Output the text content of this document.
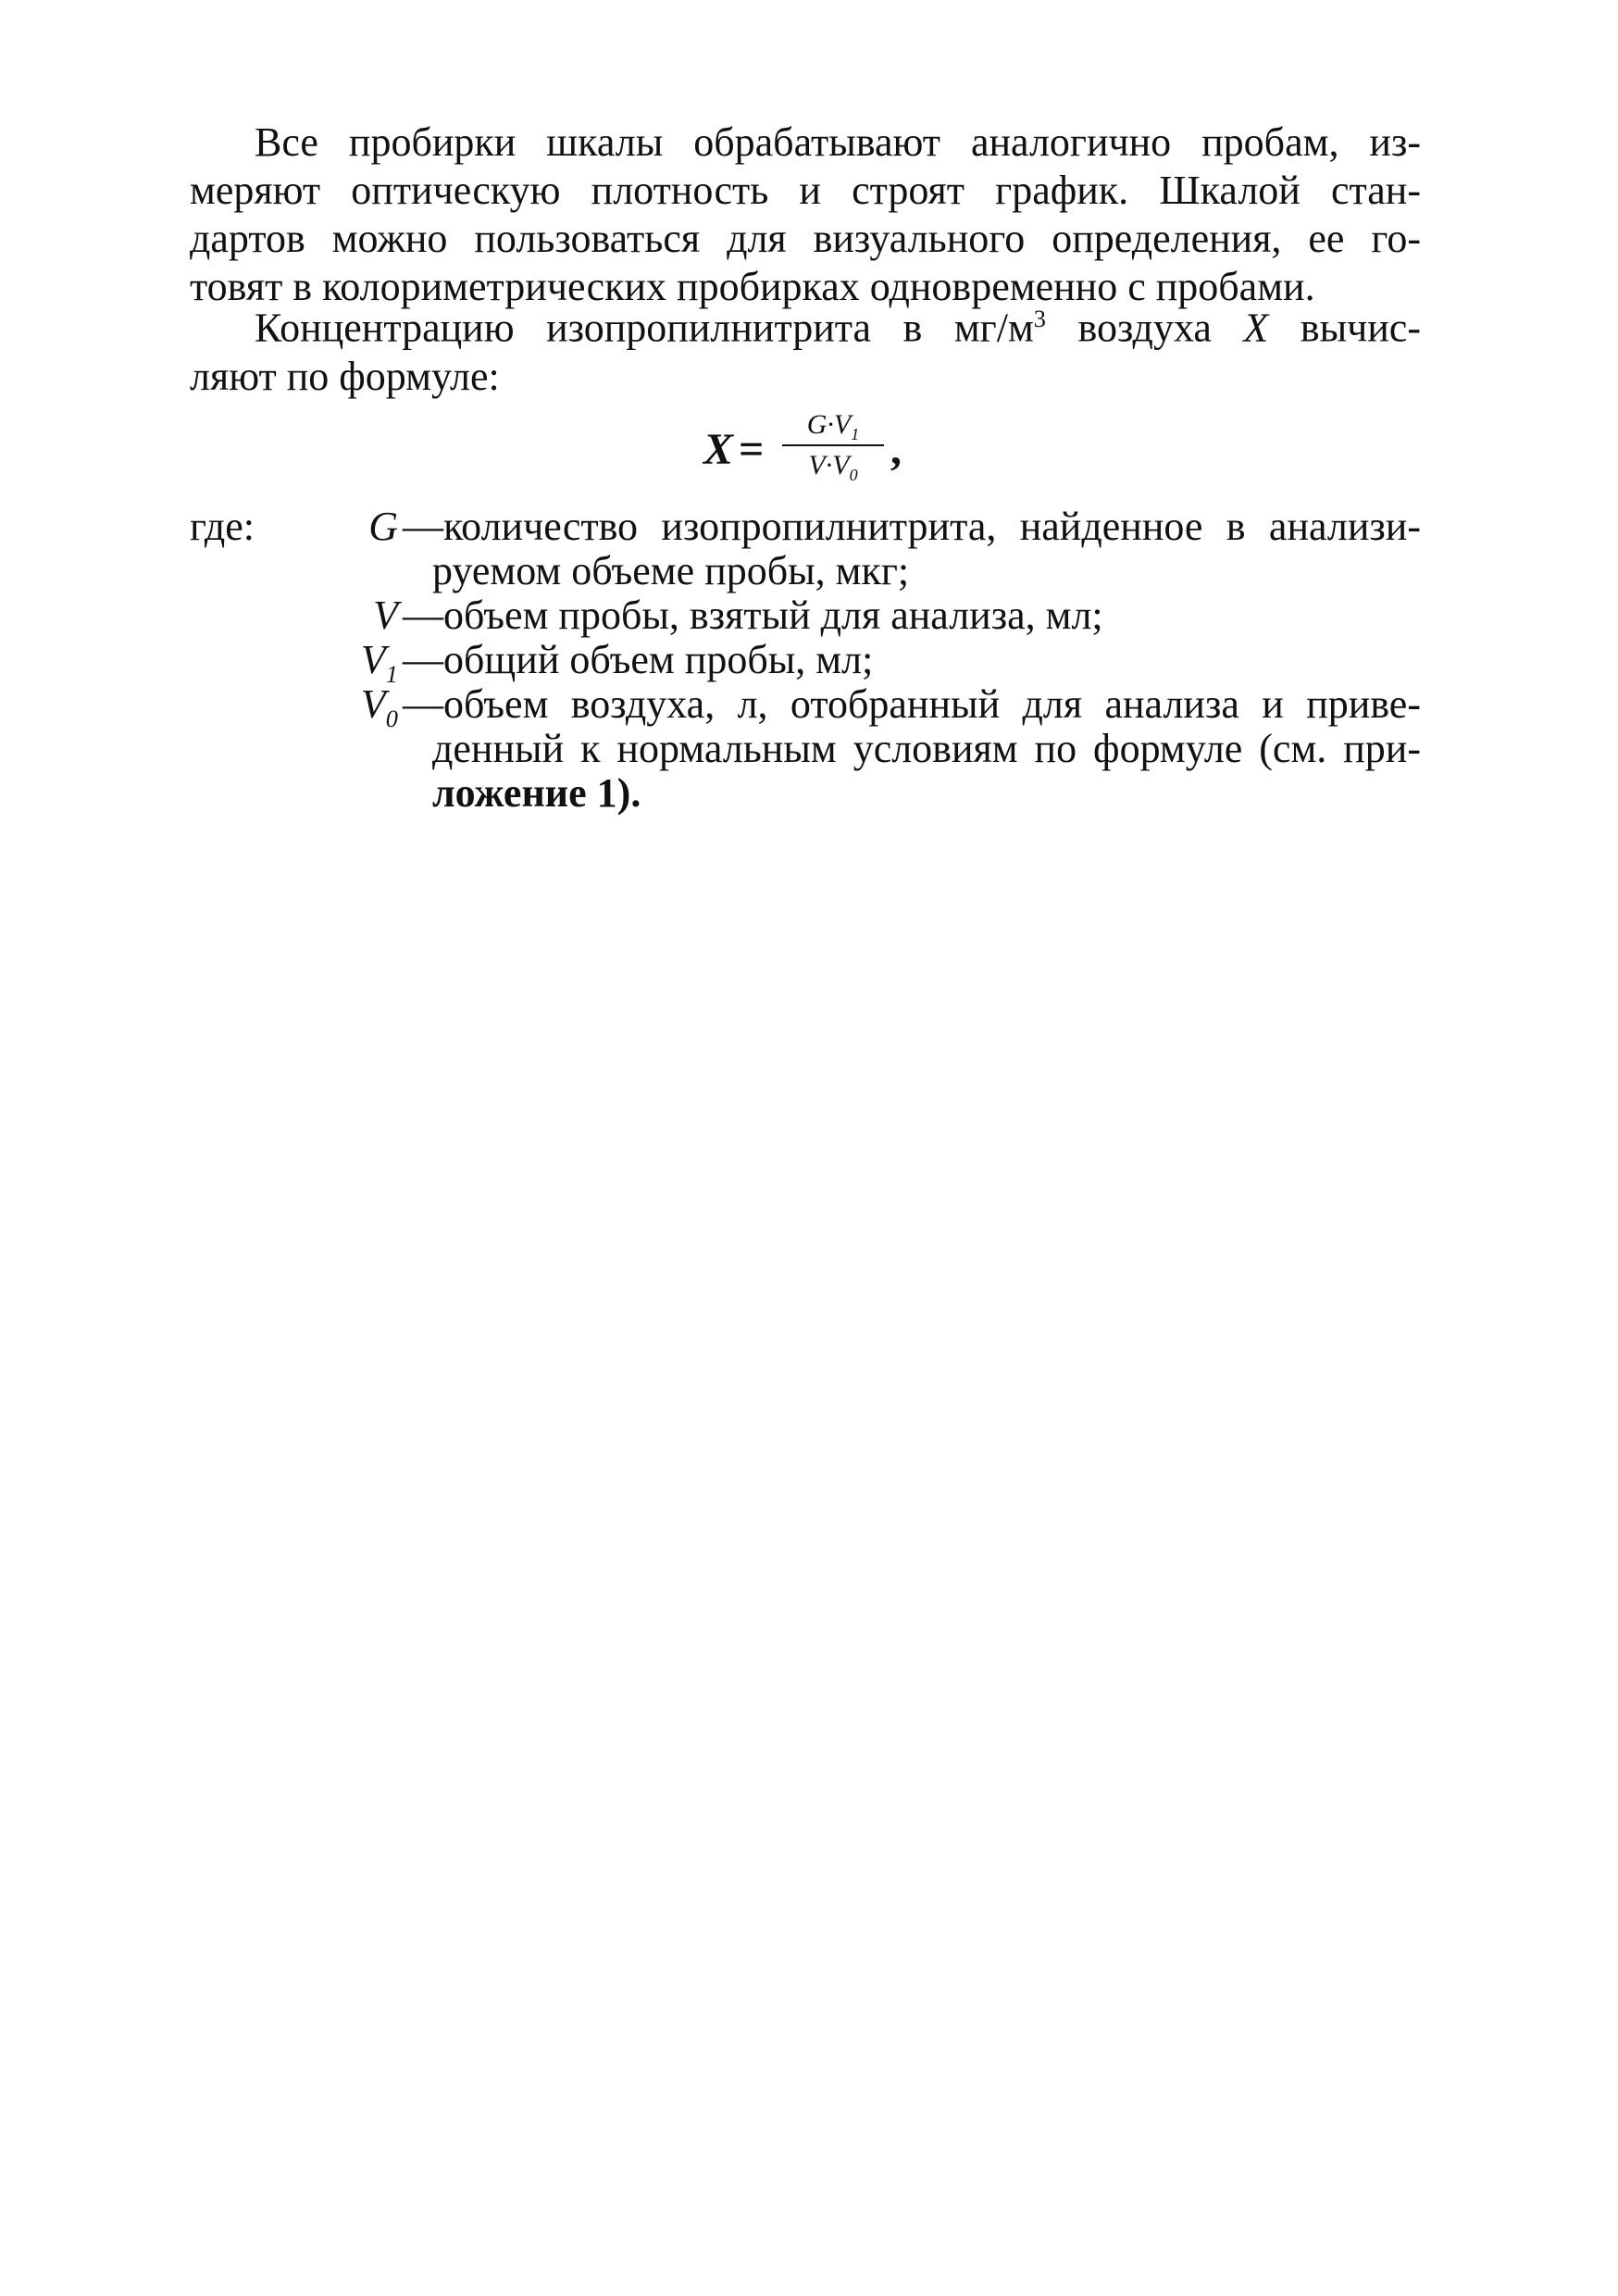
Все пробирки шкалы обрабатывают аналогично пробам, из-
меряют оптическую плотность и строят график. Шкалой стан-
дартов можно пользоваться для визуального определения, ее го-
товят в колориметрических пробирках одновременно с пробами.
Концентрацию изопропилнитрита в $мг/м^3$ воздуха X вычис-
ляют по формуле:
X =
$G\cdot V_1$
$V\cdot V_0$
,
где:	G —количество изопропилнитрита, найденное в анализи-
руемом объеме пробы, мкг;
V —объем пробы, взятый для анализа, мл;
$V_1$ —общий объем пробы, мл;
$V_0$ —объем воздуха, л, отобранный для анализа и приве-
денный к нормальным условиям по формуле (см. при-
ложение 1).
